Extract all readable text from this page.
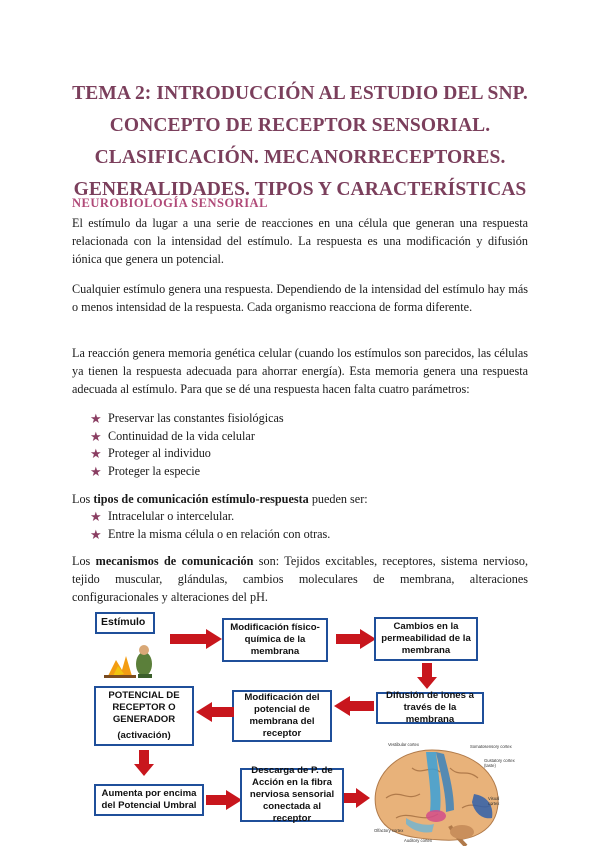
TEMA 2: INTRODUCCIÓN AL ESTUDIO DEL SNP.
CONCEPTO DE RECEPTOR SENSORIAL.
CLASIFICACIÓN. MECANORRECEPTORES.
GENERALIDADES. TIPOS Y CARACTERÍSTICAS
NEUROBIOLOGÍA SENSORIAL
El estímulo da lugar a una serie de reacciones en una célula que generan una respuesta relacionada con la intensidad del estímulo. La respuesta es una modificación y difusión iónica que genera un potencial.
Cualquier estímulo genera una respuesta. Dependiendo de la intensidad del estímulo hay más o menos intensidad de la respuesta. Cada organismo reacciona de forma diferente.
La reacción genera memoria genética celular (cuando los estímulos son parecidos, las células ya tienen la respuesta adecuada para ahorrar energía). Esta memoria genera una respuesta adecuada al estímulo. Para que se dé una respuesta hacen falta cuatro parámetros:
★ Preservar las constantes fisiológicas
★ Continuidad de la vida celular
★ Proteger al individuo
★ Proteger la especie
Los tipos de comunicación estímulo-respuesta pueden ser:
★ Intracelular o intercelular.
★ Entre la misma célula o en relación con otras.
Los mecanismos de comunicación son: Tejidos excitables, receptores, sistema nervioso, tejido muscular, glándulas, cambios moleculares de membrana, alteraciones configuracionales y alteraciones del pH.
Estímulo	Modificación físico-
química de la
membrana
Cambios en la
permeabilidad de la
membrana
Difusión de iones a
través de la membrana
Modificación del
potencial de
membrana del
receptor
POTENCIAL DE
RECEPTOR O
GENERADOR
(activación)
Aumenta por encima
del Potencial Umbral
Descarga de P. de
Acción en la fibra
nerviosa sensorial
conectada al receptor
Vestibular cortex	Somatosensory cortex
Gustatory cortex (taste)
Visual cortex
Olfactory cortex
Auditory cortex
